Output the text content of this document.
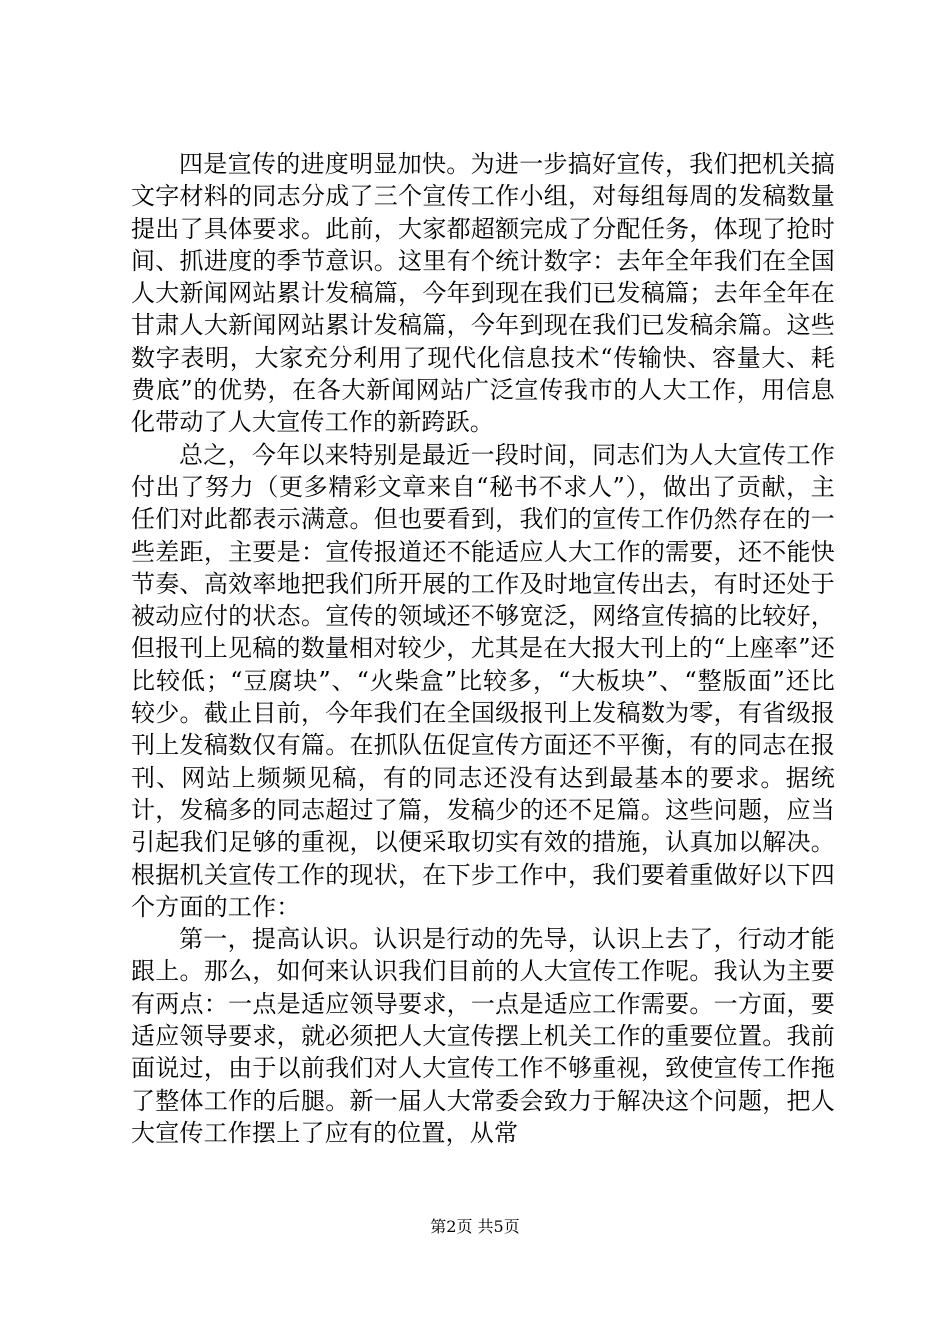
四是宣传的进度明显加快。为进一步搞好宣传，我们把机关搞文字材料的同志分成了三个宣传工作小组，对每组每周的发稿数量提出了具体要求。此前，大家都超额完成了分配任务，体现了抢时间、抓进度的季节意识。这里有个统计数字：去年全年我们在全国人大新闻网站累计发稿篇，今年到现在我们已发稿篇；去年全年在甘肃人大新闻网站累计发稿篇，今年到现在我们已发稿余篇。这些数字表明，大家充分利用了现代化信息技术“传输快、容量大、耗费底”的优势，在各大新闻网站广泛宣传我市的人大工作，用信息化带动了人大宣传工作的新跨跃。

总之，今年以来特别是最近一段时间，同志们为人大宣传工作付出了努力（更多精彩文章来自“秘书不求人”），做出了贡献，主任们对此都表示满意。但也要看到，我们的宣传工作仍然存在的一些差距，主要是：宣传报道还不能适应人大工作的需要，还不能快节奏、高效率地把我们所开展的工作及时地宣传出去，有时还处于被动应付的状态。宣传的领域还不够宽泛，网络宣传搞的比较好，但报刊上见稿的数量相对较少，尤其是在大报大刊上的“上座率”还比较低；“豆腐块”、“火柴盒”比较多，“大板块”、“整版面”还比较少。截止目前，今年我们在全国级报刊上发稿数为零，有省级报刊上发稿数仅有篇。在抓队伍促宣传方面还不平衡，有的同志在报刊、网站上频频见稿，有的同志还没有达到最基本的要求。据统计，发稿多的同志超过了篇，发稿少的还不足篇。这些问题，应当引起我们足够的重视，以便采取切实有效的措施，认真加以解决。根据机关宣传工作的现状，在下步工作中，我们要着重做好以下四个方面的工作：

第一，提高认识。认识是行动的先导，认识上去了，行动才能跟上。那么，如何来认识我们目前的人大宣传工作呢。我认为主要有两点：一点是适应领导要求，一点是适应工作需要。一方面，要适应领导要求，就必须把人大宣传摆上机关工作的重要位置。我前面说过，由于以前我们对人大宣传工作不够重视，致使宣传工作拖了整体工作的后腿。新一届人大常委会致力于解决这个问题，把人大宣传工作摆上了应有的位置，从常

第2页 共5页
